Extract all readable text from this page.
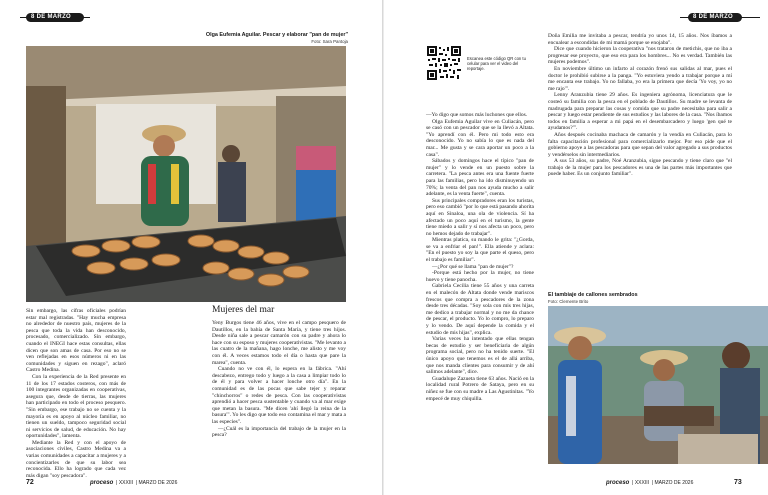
8 DE MARZO
Olga Eufemia Aguilar. Pescar y elaborar "pan de mujer"
Foto: Sara Pantoja

Sin embargo, las cifras oficiales podrían estar mal registradas. "Hay mucha empresa no alrededor de nuestro país, mujeres de la pesca que toda la vida han desconocido, procesado, comercializado. Sin embargo, cuando el INEGI hace estas consultas, ellas dicen que son amas de casa. Por eso no se ven reflejadas en esos números ni en las comunidades y siguen en rezago", aclaró Castro Medina.

Con la experiencia de la Red presente en 11 de los 17 estados costeros, con más de 100 integrantes organizadas en cooperativas, asegura que, desde de tierras, las mujeres han participado en todo el proceso pesquero. "Sin embargo, ese trabajo no se cuenta y la mayoría es en apoyo al núcleo familiar, no tienen un sueldo, tampoco seguridad social ni servicios de salud, de educación. No hay oportunidades", lamenta.

Mediante la Red y con el apoyo de asociaciones civiles, Castro Medina va a varias comunidades a capacitar a mujeres y a concientizarles de que su labor sea reconocida. Ello ha logrado que cada vez más digan "soy pescadora".

Mujeres del mar

Yeny Burgos tiene 46 años, vive en el campo pesquero de Dautillos, en la bahía de Santa María, y tiene tres hijos. Desde niña sale a pescar camarón con su padre y ahora lo hace con su esposo y mujeres cooperativistas. "Me levanto a las cuatro de la mañana, hago lonche, me alisto y me voy con él. A veces estamos todo el día o hasta que pare la marea", cuenta.

Cuando no ve con él, lo espera en la fábrica. "Ahí descabezo, entrego todo y luego a la casa a limpiar todo lo de él y para volver a hacer lonche otro día". En la comunidad es de las pocas que sabe tejer y reparar "chinchorros" o redes de pesca. Con las cooperativistas aprendió a hacer pesca sustentable y cuando va al mar exige que metan la basura. "Me dicen 'ahí llegó la reina de la basura'". Yo les digo que todo eso contamina el mar y mata a las especies".

—¿Cuál es la importancia del trabajo de la mujer en la pesca?

72	proceso  | XXXIII  | MARZO DE 2026
8 DE MARZO
Escanea este código QR con tu celular para ver el video del reportaje.

—Yo digo que somos más luchones que ellos.

Olga Eufemia Aguilar vive en Culiacán, pero se casó con un pescador que se la llevó a Altata. "Yo aprendí con él. Pero mi todo esto era desconocido. Yo no sabía lo que es nada del mar... Me gusta y se cara aportar un poco a la casa".

Sábados y domingos hace el típico "pan de mujer" y lo vende en un puesto sobre la carretera. "La pesca antes era una fuente fuerte para las familias, pero ha ido disminuyendo un 70%; la venta del pan nos ayuda mucho a salir adelante, es la venta fuerte", cuenta.

Sus principales compradores eran los turistas, pero eso cambió "por lo que está pasando ahorita aquí en Sinaloa, una ola de violencia. Sí ha afectado un poco aquí en el turismo, la gente tiene miedo a salir y sí nos afecta un poco, pero no hemos dejado de trabajar".

Mientras platica, su mando le grita: "¿Gorda, se va a enfriar el pan!". Ella atiende y aclara: "En el puesto yo soy la que parte el queso, pero el trabajo es familiar".

—¿Por qué se llama "pan de mujer"?

-Porque está hecho por la mujer, no tiene huevo y tiene panocha.

Gabriela Cecilia tiene 55 años y una carreta en el malecón de Altata donde vende mariscos frescos que compra a pescadores de la zona desde tres décadas. "Soy sola con mis tres hijas, me dedico a trabajar normal y no me da chance de pescar, el producto. Yo lo compro, lo preparo y lo vendo. De aquí depende la comida y el estudio de mis hijas", explica.

Varias veces ha intentado que ellas tengan becas de estudio y ser beneficiaria de algún programa social, pero no ha tenido suerte. "El único apoyo que tenemos es el de allá arriba, que nos manda clientes para consumir y de ahí salimos adelante", dice.

Guadalupe Zazueta tiene 63 años. Nació en la localidad rural Potrero de Sataya, pero en su niñez se fue con su madre a Las Agustinitas. "Yo empecé de muy chiquilla.

Doña Emilia me invitaba a pescar, tendría yo unos 14, 15 años. Nos íbamos a encualear a escondidas de mi mamá porque se enojaba".

Dice que cuando hicieron la cooperativa "nos trataron de metichis, que no iba a progresar ese proyecto, que eso era para los hombres... No es verdad. También las mujeres podemos".

En noviembre último un infarto al corazón frenó sus salidas al mar, pues el doctor le prohibió subirse a la panga. "Yo estuviera yendo a trabajar porque a mí me encanta ese trabajo. Yo no fallaba, yo era la primera que decía 'Yo voy, yo no me rajo'".

Lenny Aranzubia tiene 29 años. Es ingeniera agrónoma, licenciatura que le costeó su familia con la pesca en el poblado de Dautillos. Su madre se levanta de madrugada para preparar las cosas y comida que su padre necesitaba para salir a pescar y luego estar pendiente de sus estudios y las labores de la casa. "Nos íbamos todos en familia a esperar a mi papá en el desembarcadero y luego 'gen qué te ayudamos?'".

Años después cocinaba machaca de camarón y la vendía en Culiacán, para lo falta capacitación profesional para comercializarlo mejor. Por eso pide que el gobierno apoye a las pescadoras para que sepan del valor agregado a sus productos y vendérselos sin intermediarios.

A sus 53 años, su padre, Noé Aranzubia, sigue pescando y tiene claro que "el trabajo de la mujer para los pescadores es una de las partes más importantes que puede haber. Es un conjunto familiar".

El tambiaje de callones sembrados
Foto: Clemente Brito
proceso  | XXXIII  | MARZO DE 2026	73
